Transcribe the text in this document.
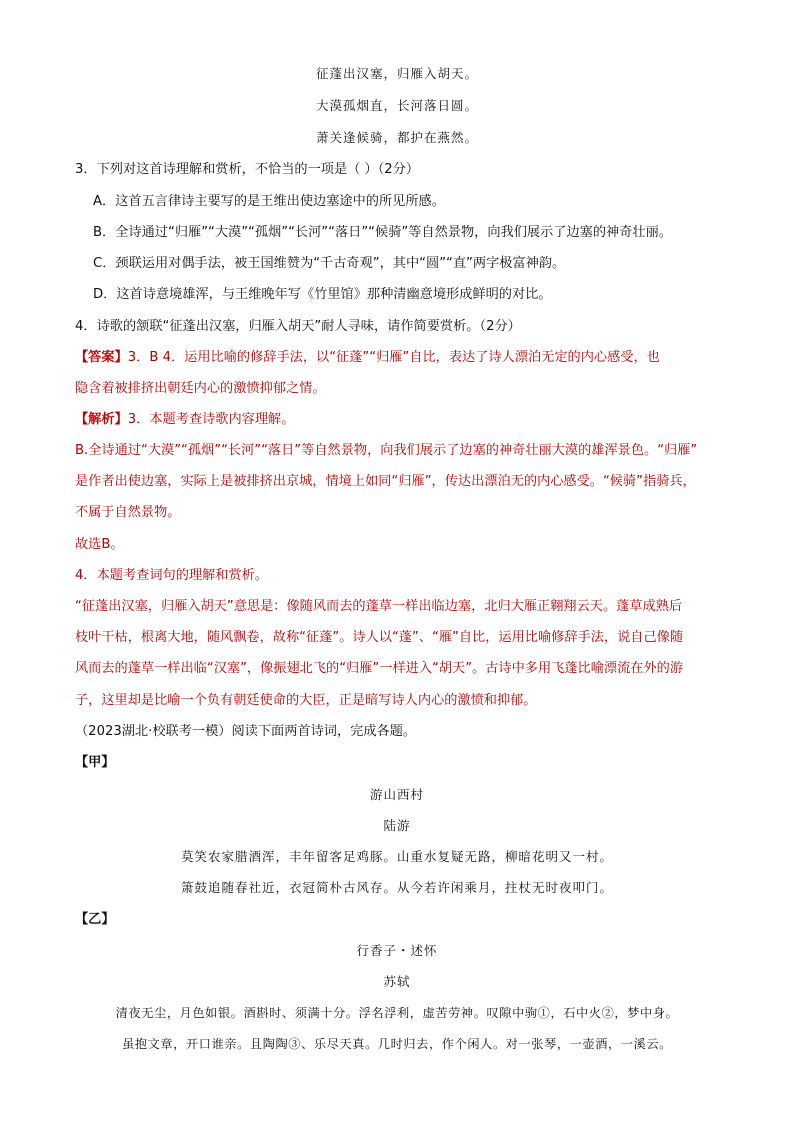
征蓬出汉塞，归雁入胡天。
大漠孤烟直，长河落日圆。
萧关逢候骑，都护在燕然。
3．下列对这首诗理解和赏析，不恰当的一项是（ ）（2分）
A．这首五言律诗主要写的是王维出使边塞途中的所见所感。
B．全诗通过“归雁”“大漠”“孤烟”“长河”“落日”“候骑”等自然景物，向我们展示了边塞的神奇壮丽。
C．颈联运用对偶手法，被王国维赞为“千古奇观”，其中“圆”“直”两字极富神韵。
D．这首诗意境雄浑，与王维晚年写《竹里馆》那种清幽意境形成鲜明的对比。
4．诗歌的颔联“征蓬出汉塞，归雁入胡天”耐人寻味，请作简要赏析。（2分）
【答案】3．B 4．运用比喻的修辞手法，以“征蓬”“归雁”自比，表达了诗人漂泊无定的内心感受，也
隐含着被排挤出朝廷内心的激愤抑郁之情。
【解析】3．本题考查诗歌内容理解。
B.全诗通过“大漠”“孤烟”“长河”“落日”等自然景物，向我们展示了边塞的神奇壮丽大漠的雄浑景色。“归雁”
是作者出使边塞，实际上是被排挤出京城，情境上如同“归雁”，传达出漂泊无的内心感受。“候骑”指骑兵，
不属于自然景物。
故选B。
4．本题考查词句的理解和赏析。
“征蓬出汉塞，归雁入胡天”意思是：像随风而去的蓬草一样出临边塞，北归大雁正翱翔云天。蓬草成熟后
枝叶干枯，根离大地，随风飘卷，故称“征蓬”。诗人以“蓬”、“雁”自比，运用比喻修辞手法，说自己像随
风而去的蓬草一样出临“汉塞”，像振翅北飞的“归雁”一样进入“胡天”。古诗中多用飞蓬比喻漂流在外的游
子，这里却是比喻一个负有朝廷使命的大臣，正是暗写诗人内心的激愤和抑郁。
（2023湖北·校联考一模）阅读下面两首诗词，完成各题。
【甲】
游山西村
陆游
莫笑农家腊酒浑，丰年留客足鸡豚。山重水复疑无路，柳暗花明又一村。
箫鼓追随春社近，衣冠简朴古风存。从今若许闲乘月，拄杖无时夜叩门。
【乙】
行香子・述怀
苏轼
清夜无尘，月色如银。酒斟时、须满十分。浮名浮利，虚苦劳神。叹隙中驹①，石中火②，梦中身。
虽抱文章，开口谁亲。且陶陶③、乐尽天真。几时归去，作个闲人。对一张琴，一壶酒，一溪云。
